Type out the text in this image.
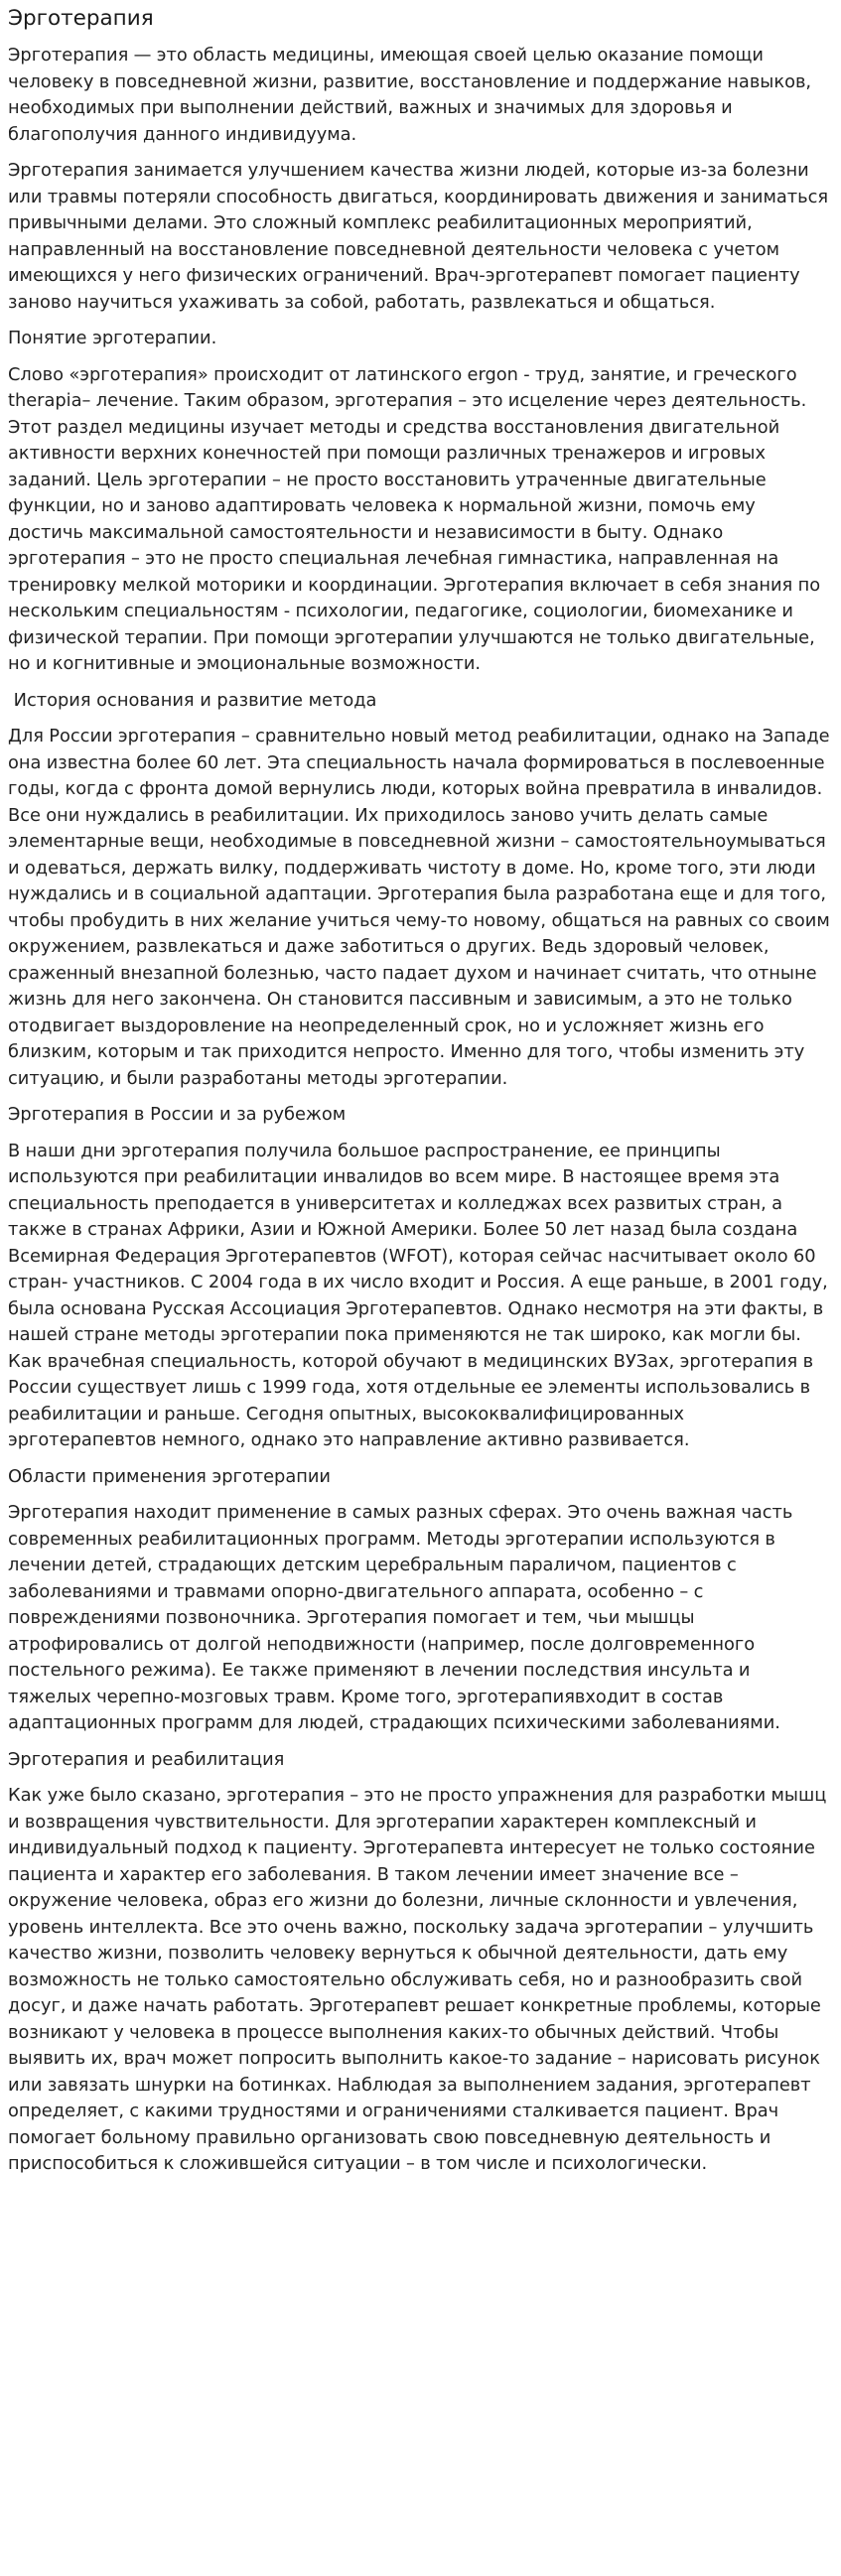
Эрготерапия

Эрготерапия — это область медицины, имеющая своей целью оказание помощи человеку в повседневной жизни, развитие, восстановление и поддержание навыков, необходимых при выполнении действий, важных и значимых для здоровья и благополучия данного индивидуума.

Эрготерапия занимается улучшением качества жизни людей, которые из-за болезни или травмы потеряли способность двигаться, координировать движения и заниматься привычными делами. Это сложный комплекс реабилитационных мероприятий, направленный на восстановление повседневной деятельности человека с учетом имеющихся у него физических ограничений. Врач-эрготерапевт помогает пациенту заново научиться ухаживать за собой, работать, развлекаться и общаться.

Понятие эрготерапии.

Слово «эрготерапия» происходит от латинского ergon - труд, занятие, и греческого therapia– лечение. Таким образом, эрготерапия – это исцеление через деятельность. Этот раздел медицины изучает методы и средства восстановления двигательной активности верхних конечностей при помощи различных тренажеров и игровых заданий. Цель эрготерапии – не просто восстановить утраченные двигательные функции, но и заново адаптировать человека к нормальной жизни, помочь ему достичь максимальной самостоятельности и независимости в быту. Однако эрготерапия – это не просто специальная лечебная гимнастика, направленная на тренировку мелкой моторики и координации. Эрготерапия включает в себя знания по нескольким специальностям - психологии, педагогике, социологии, биомеханике и физической терапии. При помощи эрготерапии улучшаются не только двигательные, но и когнитивные и эмоциональные возможности.

История основания и развитие метода

Для России эрготерапия – сравнительно новый метод реабилитации, однако на Западе она известна более 60 лет. Эта специальность начала формироваться в послевоенные годы, когда с фронта домой вернулись люди, которых война превратила в инвалидов. Все они нуждались в реабилитации. Их приходилось заново учить делать самые элементарные вещи, необходимые в повседневной жизни – самостоятельноумываться и одеваться, держать вилку, поддерживать чистоту в доме. Но, кроме того, эти люди нуждались и в социальной адаптации. Эрготерапия была разработана еще и для того, чтобы пробудить в них желание учиться чему-то новому, общаться на равных со своим окружением, развлекаться и даже заботиться о других. Ведь здоровый человек, сраженный внезапной болезнью, часто падает духом и начинает считать, что отныне жизнь для него закончена. Он становится пассивным и зависимым, а это не только отодвигает выздоровление на неопределенный срок, но и усложняет жизнь его близким, которым и так приходится непросто. Именно для того, чтобы изменить эту ситуацию, и были разработаны методы эрготерапии.

Эрготерапия в России и за рубежом

В наши дни эрготерапия получила большое распространение, ее принципы используются при реабилитации инвалидов во всем мире. В настоящее время эта специальность преподается в университетах и колледжах всех развитых стран, а также в странах Африки, Азии и Южной Америки. Более 50 лет назад была создана Всемирная Федерация Эрготерапевтов (WFOT), которая сейчас насчитывает около 60 стран- участников. С 2004 года в их число входит и Россия. А еще раньше, в 2001 году, была основана Русская Ассоциация Эрготерапевтов. Однако несмотря на эти факты, в нашей стране методы эрготерапии пока применяются не так широко, как могли бы. Как врачебная специальность, которой обучают в медицинских ВУЗах, эрготерапия в России существует лишь с 1999 года, хотя отдельные ее элементы использовались в реабилитации и раньше. Сегодня опытных, высококвалифицированных эрготерапевтов немного, однако это направление активно развивается.

Области применения эрготерапии

Эрготерапия находит применение в самых разных сферах. Это очень важная часть современных реабилитационных программ. Методы эрготерапии используются в лечении детей, страдающих детским церебральным параличом, пациентов с заболеваниями и травмами опорно-двигательного аппарата, особенно – с повреждениями позвоночника. Эрготерапия помогает и тем, чьи мышцы атрофировались от долгой неподвижности (например, после долговременного постельного режима). Ее также применяют в лечении последствия инсульта и тяжелых черепно-мозговых травм. Кроме того, эрготерапиявходит в состав адаптационных программ для людей, страдающих психическими заболеваниями.

Эрготерапия и реабилитация

Как уже было сказано, эрготерапия – это не просто упражнения для разработки мышц и возвращения чувствительности. Для эрготерапии характерен комплексный и индивидуальный подход к пациенту. Эрготерапевта интересует не только состояние пациента и характер его заболевания. В таком лечении имеет значение все – окружение человека, образ его жизни до болезни, личные склонности и увлечения, уровень интеллекта. Все это очень важно, поскольку задача эрготерапии – улучшить качество жизни, позволить человеку вернуться к обычной деятельности, дать ему возможность не только самостоятельно обслуживать себя, но и разнообразить свой досуг, и даже начать работать. Эрготерапевт решает конкретные проблемы, которые возникают у человека в процессе выполнения каких-то обычных действий. Чтобы выявить их, врач может попросить выполнить какое-то задание – нарисовать рисунок или завязать шнурки на ботинках. Наблюдая за выполнением задания, эрготерапевт определяет, с какими трудностями и ограничениями сталкивается пациент. Врач помогает больному правильно организовать свою повседневную деятельность и приспособиться к сложившейся ситуации – в том числе и психологически.
